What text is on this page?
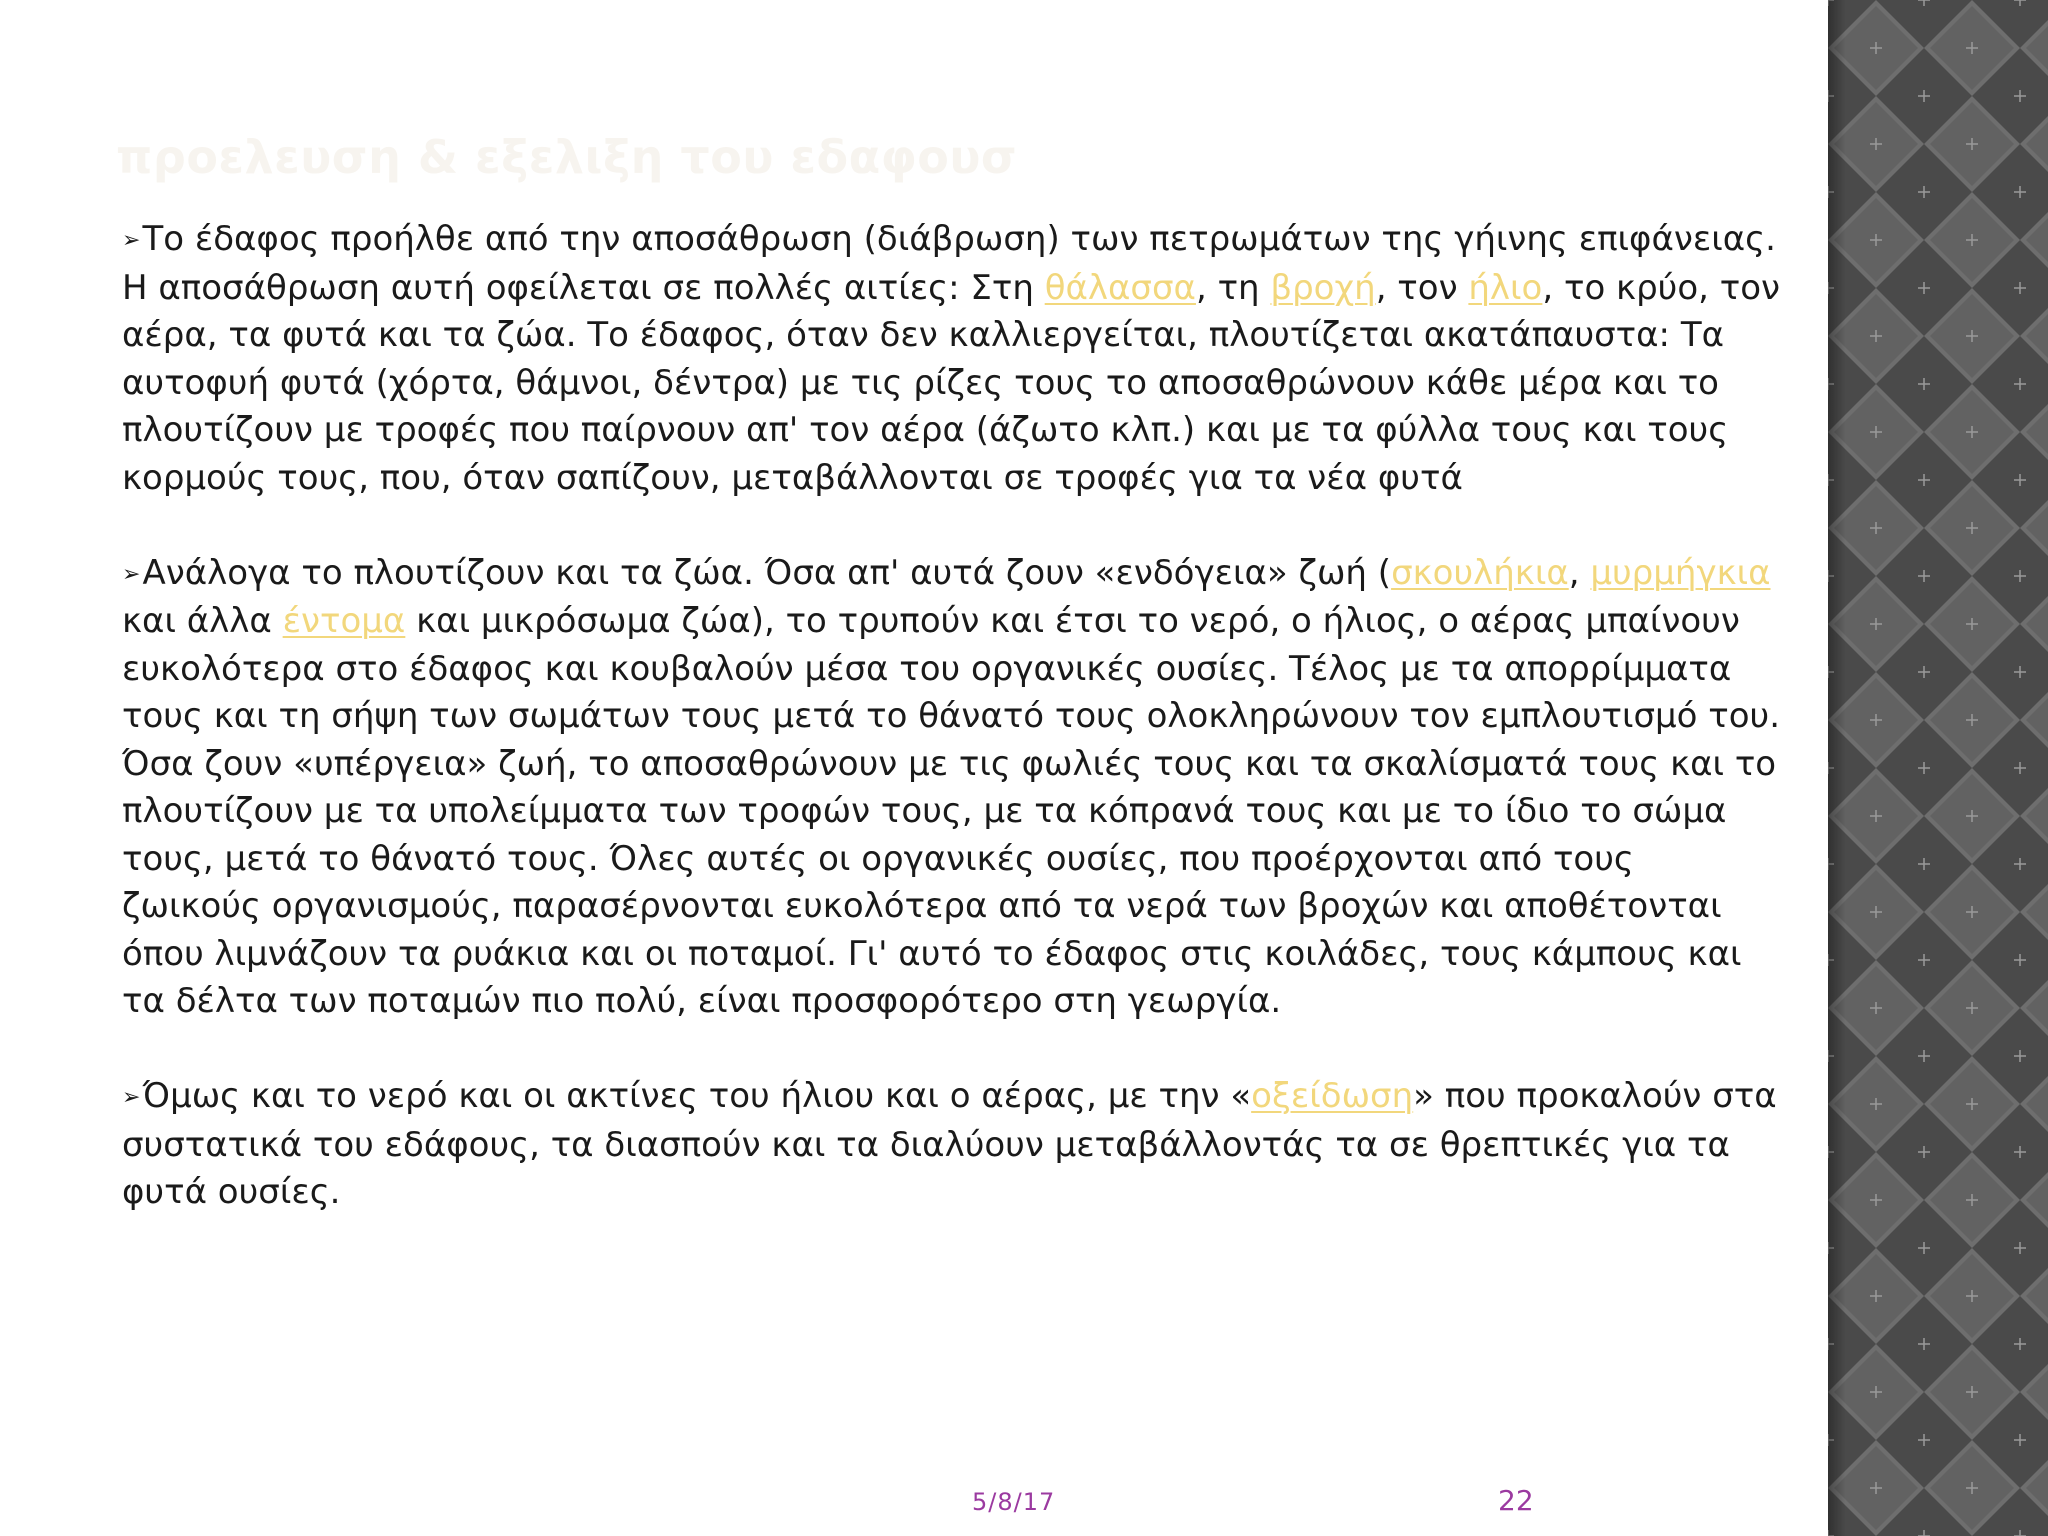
προελευση & εξελιξη του εδαφουσ

➢Το έδαφος προήλθε από την αποσάθρωση (διάβρωση) των πετρωμάτων της γήινης επιφάνειας. Η αποσάθρωση αυτή οφείλεται σε πολλές αιτίες: Στη θάλασσα, τη βροχή, τον ήλιο, το κρύο, τον αέρα, τα φυτά και τα ζώα. Το έδαφος, όταν δεν καλλιεργείται, πλουτίζεται ακατάπαυστα: Τα αυτοφυή φυτά (χόρτα, θάμνοι, δέντρα) με τις ρίζες τους το αποσαθρώνουν κάθε μέρα και το πλουτίζουν με τροφές που παίρνουν απ' τον αέρα (άζωτο κλπ.) και με τα φύλλα τους και τους κορμούς τους, που, όταν σαπίζουν, μεταβάλλονται σε τροφές για τα νέα φυτά

➢Ανάλογα το πλουτίζουν και τα ζώα. Όσα απ' αυτά ζουν «ενδόγεια» ζωή (σκουλήκια, μυρμήγκια και άλλα έντομα και μικρόσωμα ζώα), το τρυπούν και έτσι το νερό, ο ήλιος, ο αέρας μπαίνουν ευκολότερα στο έδαφος και κουβαλούν μέσα του οργανικές ουσίες. Τέλος με τα απορρίμματα τους και τη σήψη των σωμάτων τους μετά το θάνατό τους ολοκληρώνουν τον εμπλουτισμό του. Όσα ζουν «υπέργεια» ζωή, το αποσαθρώνουν με τις φωλιές τους και τα σκαλίσματά τους και το πλουτίζουν με τα υπολείμματα των τροφών τους, με τα κόπρανά τους και με το ίδιο το σώμα τους, μετά το θάνατό τους. Όλες αυτές οι οργανικές ουσίες, που προέρχονται από τους ζωικούς οργανισμούς, παρασέρνονται ευκολότερα από τα νερά των βροχών και αποθέτονται όπου λιμνάζουν τα ρυάκια και οι ποταμοί. Γι' αυτό το έδαφος στις κοιλάδες, τους κάμπους και τα δέλτα των ποταμών πιο πολύ, είναι προσφορότερο στη γεωργία.

➢Όμως και το νερό και οι ακτίνες του ήλιου και ο αέρας, με την «οξείδωση» που προκαλούν στα συστατικά του εδάφους, τα διασπούν και τα διαλύουν μεταβάλλοντάς τα σε θρεπτικές για τα φυτά ουσίες.

5/8/17	22
